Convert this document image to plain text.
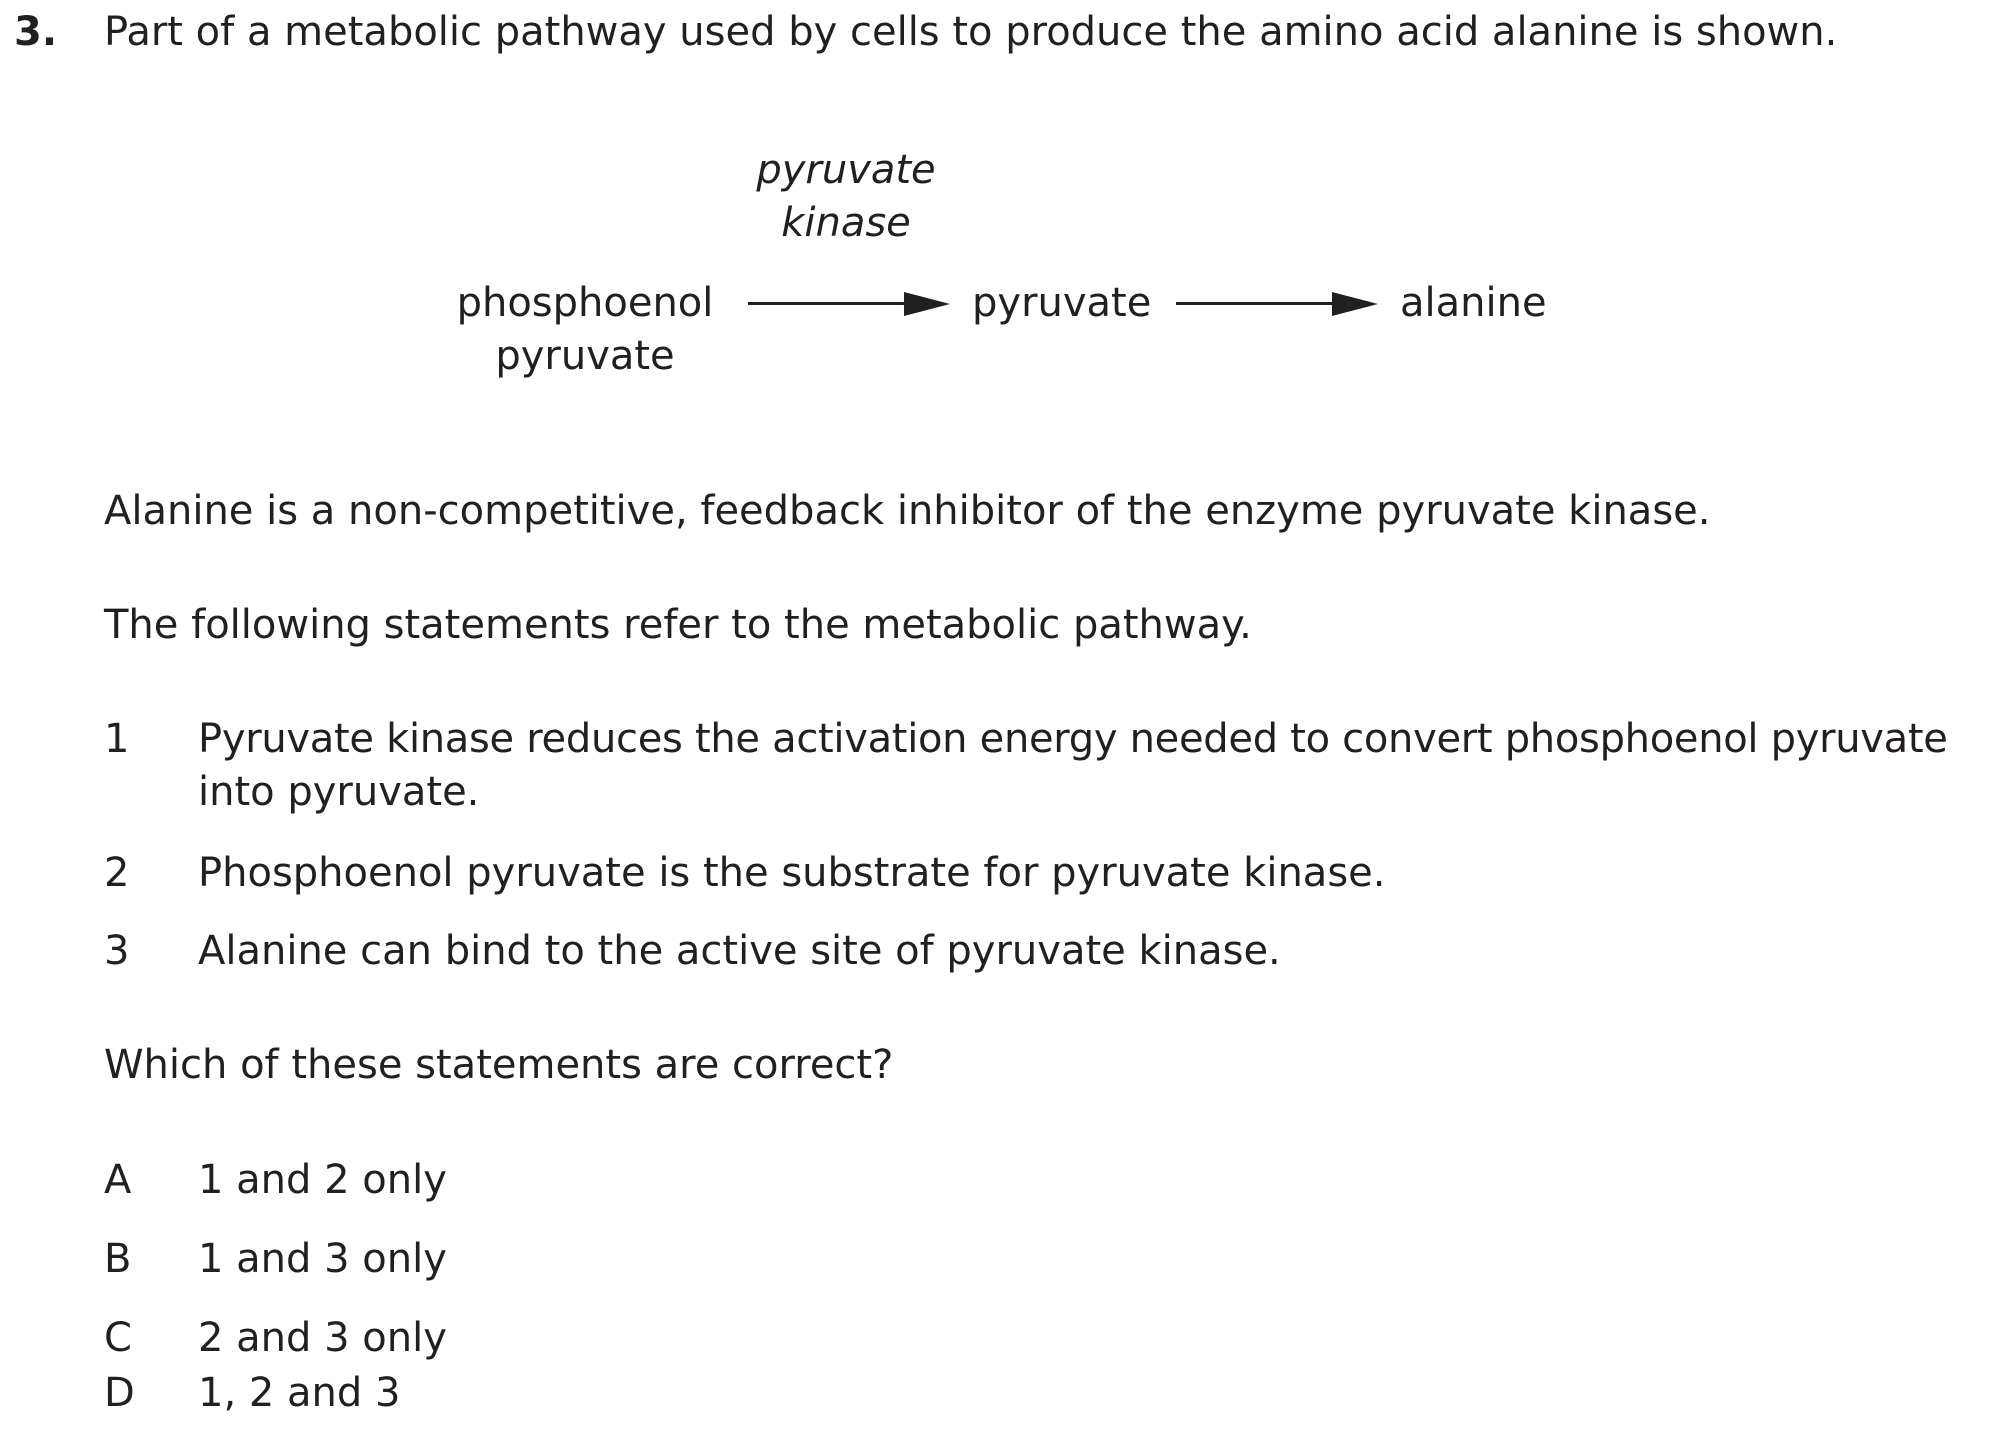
3. Part of a metabolic pathway used by cells to produce the amino acid alanine is shown.
pyruvate
kinase
phosphoenol
pyruvate
pyruvate	alanine
Alanine is a non-competitive, feedback inhibitor of the enzyme pyruvate kinase.
The following statements refer to the metabolic pathway.
1 Pyruvate kinase reduces the activation energy needed to convert phosphoenol pyruvate
into pyruvate.
2 Phosphoenol pyruvate is the substrate for pyruvate kinase.
3 Alanine can bind to the active site of pyruvate kinase.
Which of these statements are correct?
A 1 and 2 only
B 1 and 3 only
C 2 and 3 only
D 1, 2 and 3
